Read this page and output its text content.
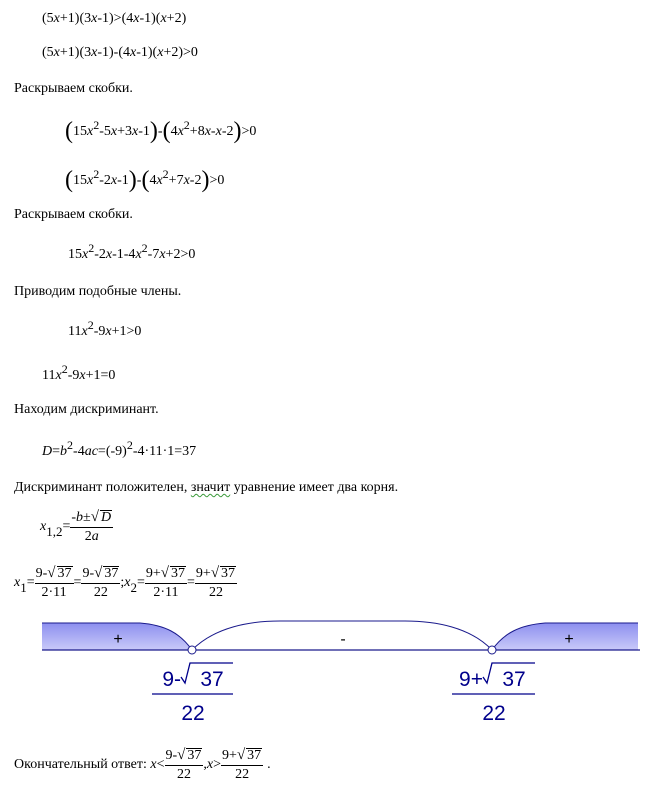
(5x+1)(3x-1)>(4x-1)(x+2)
(5x+1)(3x-1)-(4x-1)(x+2)>0
Раскрываем скобки.
$(15x^2-5x+3x-1)-(4x^2+8x-x-2)>0$
$(15x^2-2x-1)-(4x^2+7x-2)>0$
Раскрываем скобки.
$15x^2-2x-1-4x^2-7x+2>0$
Приводим подобные члены.
$11x^2-9x+1>0$
$11x^2-9x+1=0$
Находим дискриминант.
$D=b^2-4ac=(-9)^2-4\cdot 11\cdot 1=37$
Дискриминант положителен, значит уравнение имеет два корня.
$x_{1,2}= \frac{-b\pm√ D}{2a}$
$x_1= \frac{9-√ 37}{2\cdot 11} = \frac{9-√ 37}{22}$ $;x_2= \frac{9+√ 37}{2\cdot 11} = \frac{9+√ 37}{22}$
+	-	+
9- 37
22
9+ 37
22
Окончательный ответ: $x< \frac{9-√ 37}{22} ,x> \frac{9+√ 37}{22}$ .
